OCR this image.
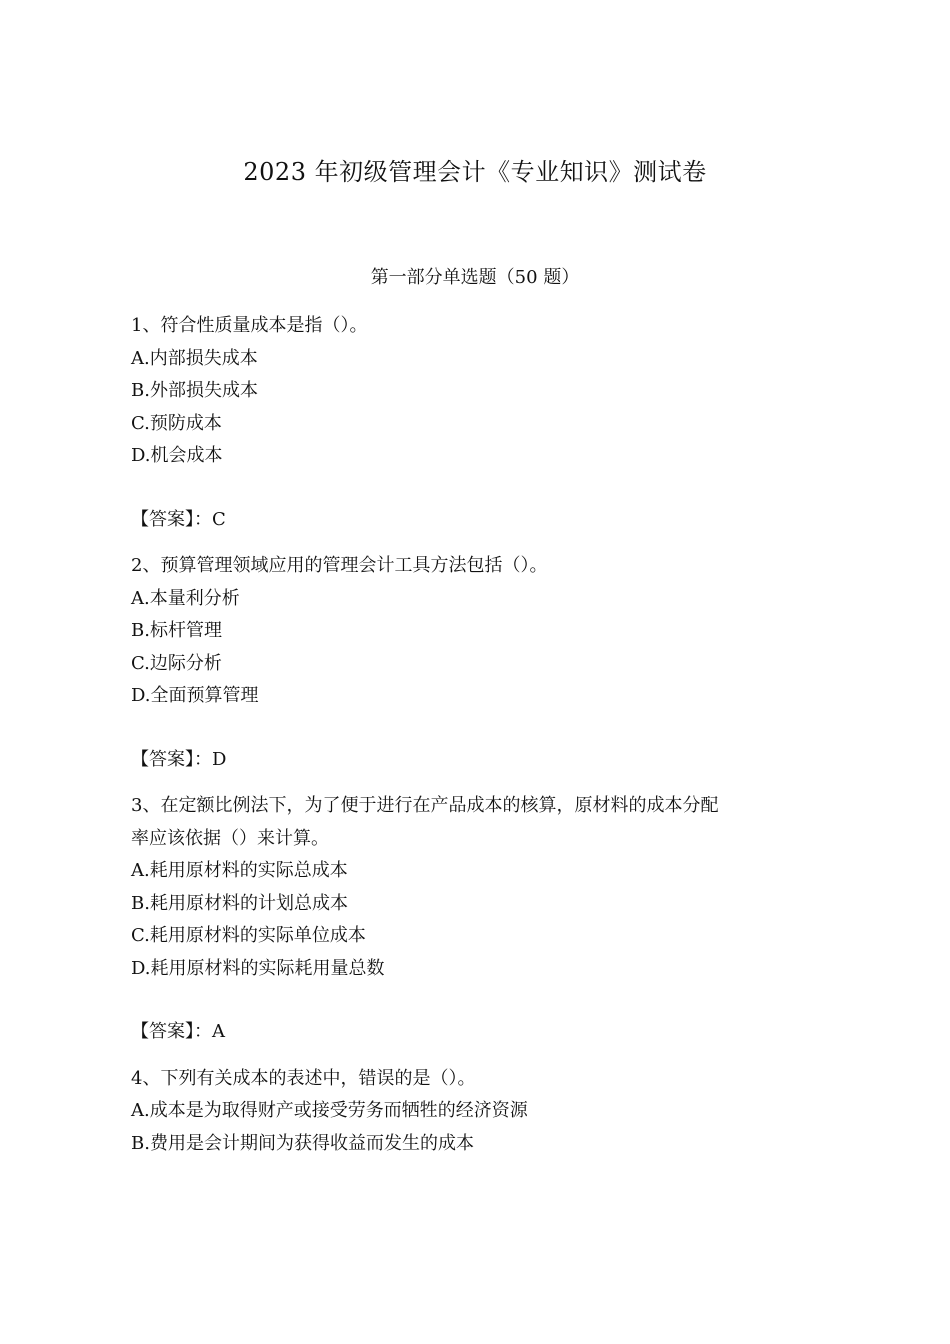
2023 年初级管理会计《专业知识》测试卷
第一部分单选题（50 题）

1、符合性质量成本是指（）。

A.内部损失成本

B.外部损失成本

C.预防成本

D.机会成本

【答案】：C

2、预算管理领域应用的管理会计工具方法包括（）。

A.本量利分析

B.标杆管理

C.边际分析

D.全面预算管理

【答案】：D

3、在定额比例法下，为了便于进行在产品成本的核算，原材料的成本分配

率应该依据（）来计算。

A.耗用原材料的实际总成本

B.耗用原材料的计划总成本

C.耗用原材料的实际单位成本

D.耗用原材料的实际耗用量总数

【答案】：A

4、下列有关成本的表述中，错误的是（）。

A.成本是为取得财产或接受劳务而牺牲的经济资源

B.费用是会计期间为获得收益而发生的成本
